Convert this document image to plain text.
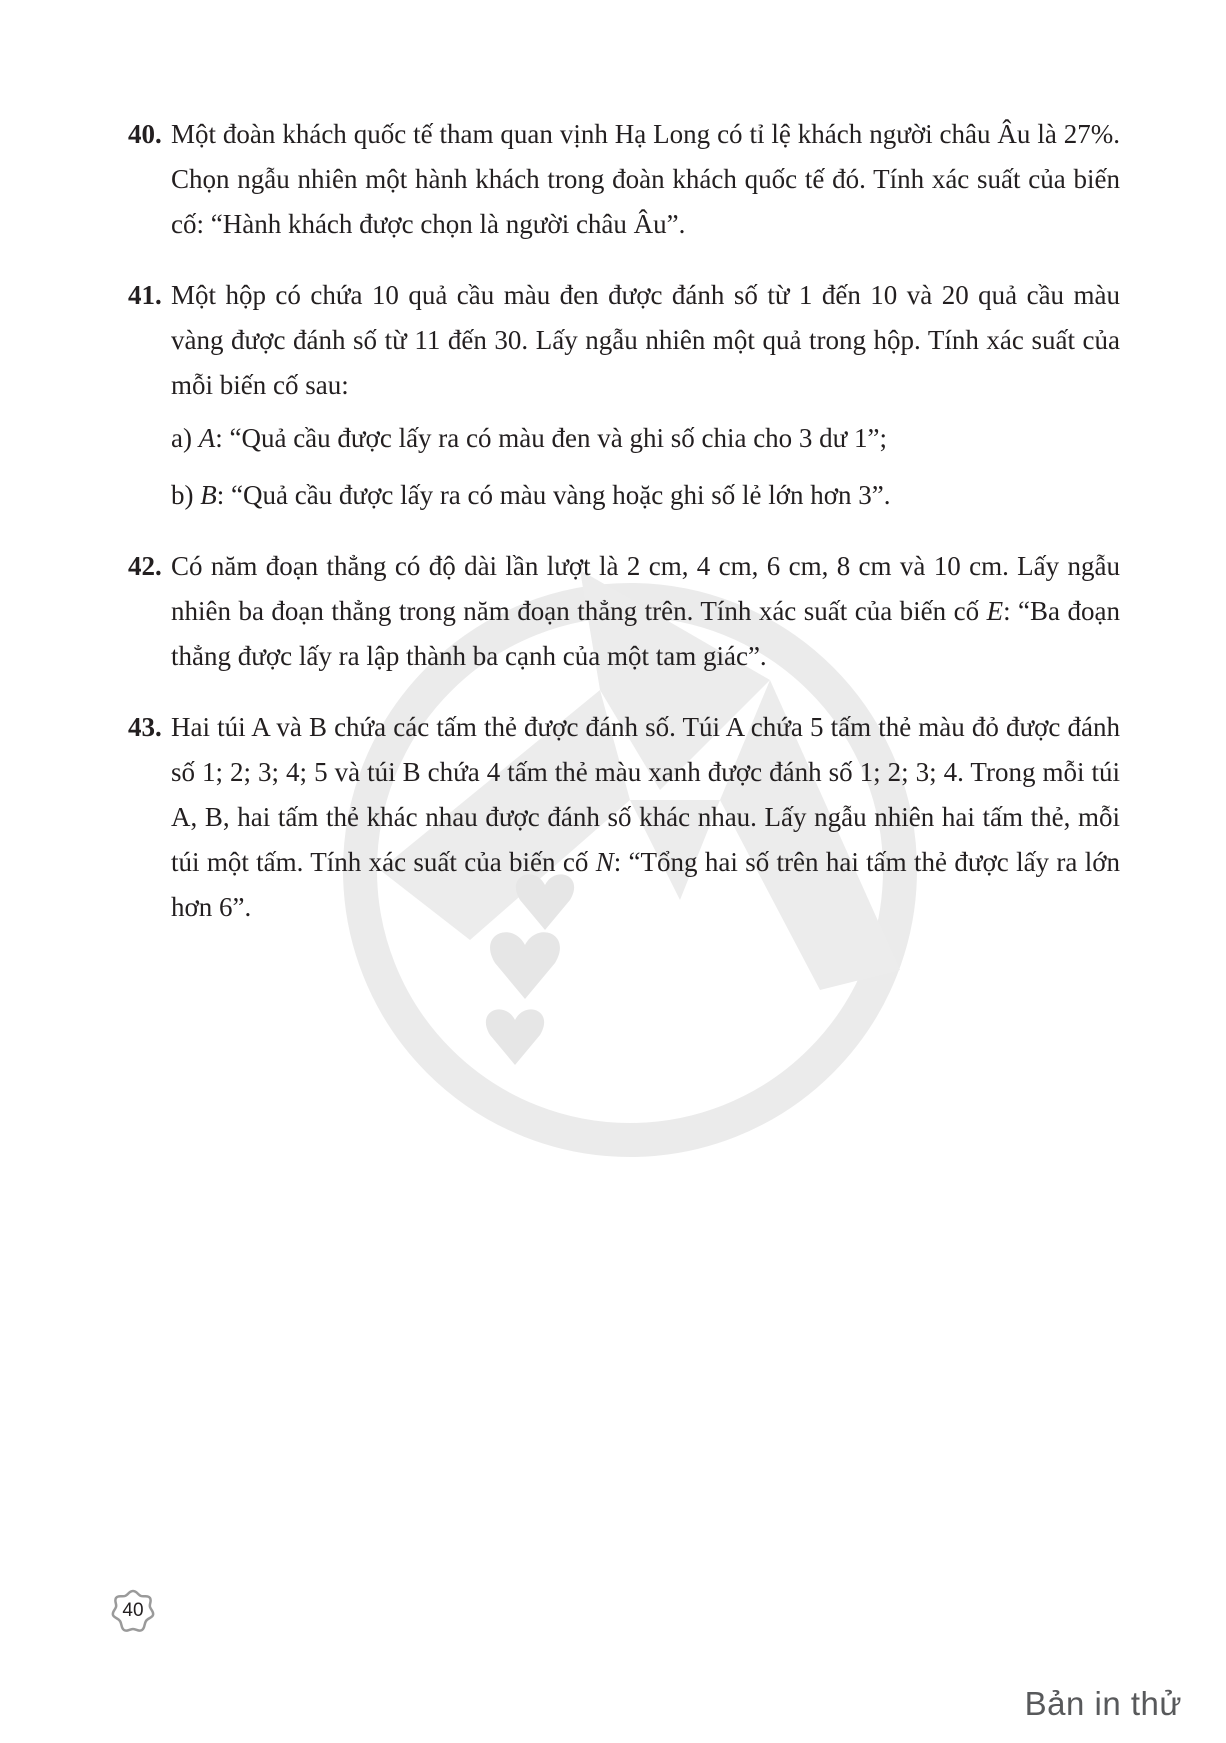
40. Một đoàn khách quốc tế tham quan vịnh Hạ Long có tỉ lệ khách người châu Âu là 27%. Chọn ngẫu nhiên một hành khách trong đoàn khách quốc tế đó. Tính xác suất của biến cố: “Hành khách được chọn là người châu Âu”.

41. Một hộp có chứa 10 quả cầu màu đen được đánh số từ 1 đến 10 và 20 quả cầu màu vàng được đánh số từ 11 đến 30. Lấy ngẫu nhiên một quả trong hộp. Tính xác suất của mỗi biến cố sau:

a) A: “Quả cầu được lấy ra có màu đen và ghi số chia cho 3 dư 1”;

b) B: “Quả cầu được lấy ra có màu vàng hoặc ghi số lẻ lớn hơn 3”.

42. Có năm đoạn thẳng có độ dài lần lượt là 2 cm, 4 cm, 6 cm, 8 cm và 10 cm. Lấy ngẫu nhiên ba đoạn thẳng trong năm đoạn thẳng trên. Tính xác suất của biến cố E: “Ba đoạn thẳng được lấy ra lập thành ba cạnh của một tam giác”.

43. Hai túi A và B chứa các tấm thẻ được đánh số. Túi A chứa 5 tấm thẻ màu đỏ được đánh số 1; 2; 3; 4; 5 và túi B chứa 4 tấm thẻ màu xanh được đánh số 1; 2; 3; 4. Trong mỗi túi A, B, hai tấm thẻ khác nhau được đánh số khác nhau. Lấy ngẫu nhiên hai tấm thẻ, mỗi túi một tấm. Tính xác suất của biến cố N: “Tổng hai số trên hai tấm thẻ được lấy ra lớn hơn 6”.

40
Bản in thử
